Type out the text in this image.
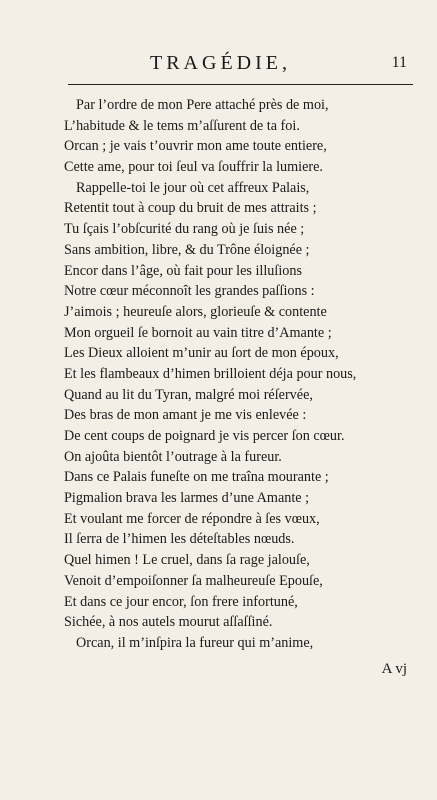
TRAGÉDIE,	11
Par l’ordre de mon Pere attaché près de moi,
L’habitude & le tems m’aſſurent de ta foi.
Orcan ; je vais t’ouvrir mon ame toute entiere,
Cette ame, pour toi ſeul va ſouffrir la lumiere.
Rappelle-toi le jour où cet affreux Palais,
Retentit tout à coup du bruit de mes attraits ;
Tu ſçais l’obſcurité du rang où je ſuis née ;
Sans ambition, libre, & du Trône éloignée ;
Encor dans l’âge, où fait pour les illuſions
Notre cœur méconnoît les grandes paſſions :
J’aimois ; heureuſe alors, glorieuſe & contente
Mon orgueil ſe bornoit au vain titre d’Amante ;
Les Dieux alloient m’unir au ſort de mon époux,
Et les flambeaux d’himen brilloient déja pour nous,
Quand au lit du Tyran, malgré moi réſervée,
Des bras de mon amant je me vis enlevée :
De cent coups de poignard je vis percer ſon cœur.
On ajoûta bientôt l’outrage à la fureur.
Dans ce Palais funeſte on me traîna mourante ;
Pigmalion brava les larmes d’une Amante ;
Et voulant me forcer de répondre à ſes vœux,
Il ſerra de l’himen les déteſtables nœuds.
Quel himen ! Le cruel, dans ſa rage jalouſe,
Venoit d’empoiſonner ſa malheureuſe Epouſe,
Et dans ce jour encor, ſon frere infortuné,
Sichée, à nos autels mourut aſſaſſiné.
Orcan, il m’inſpira la fureur qui m’anime,
A vj
